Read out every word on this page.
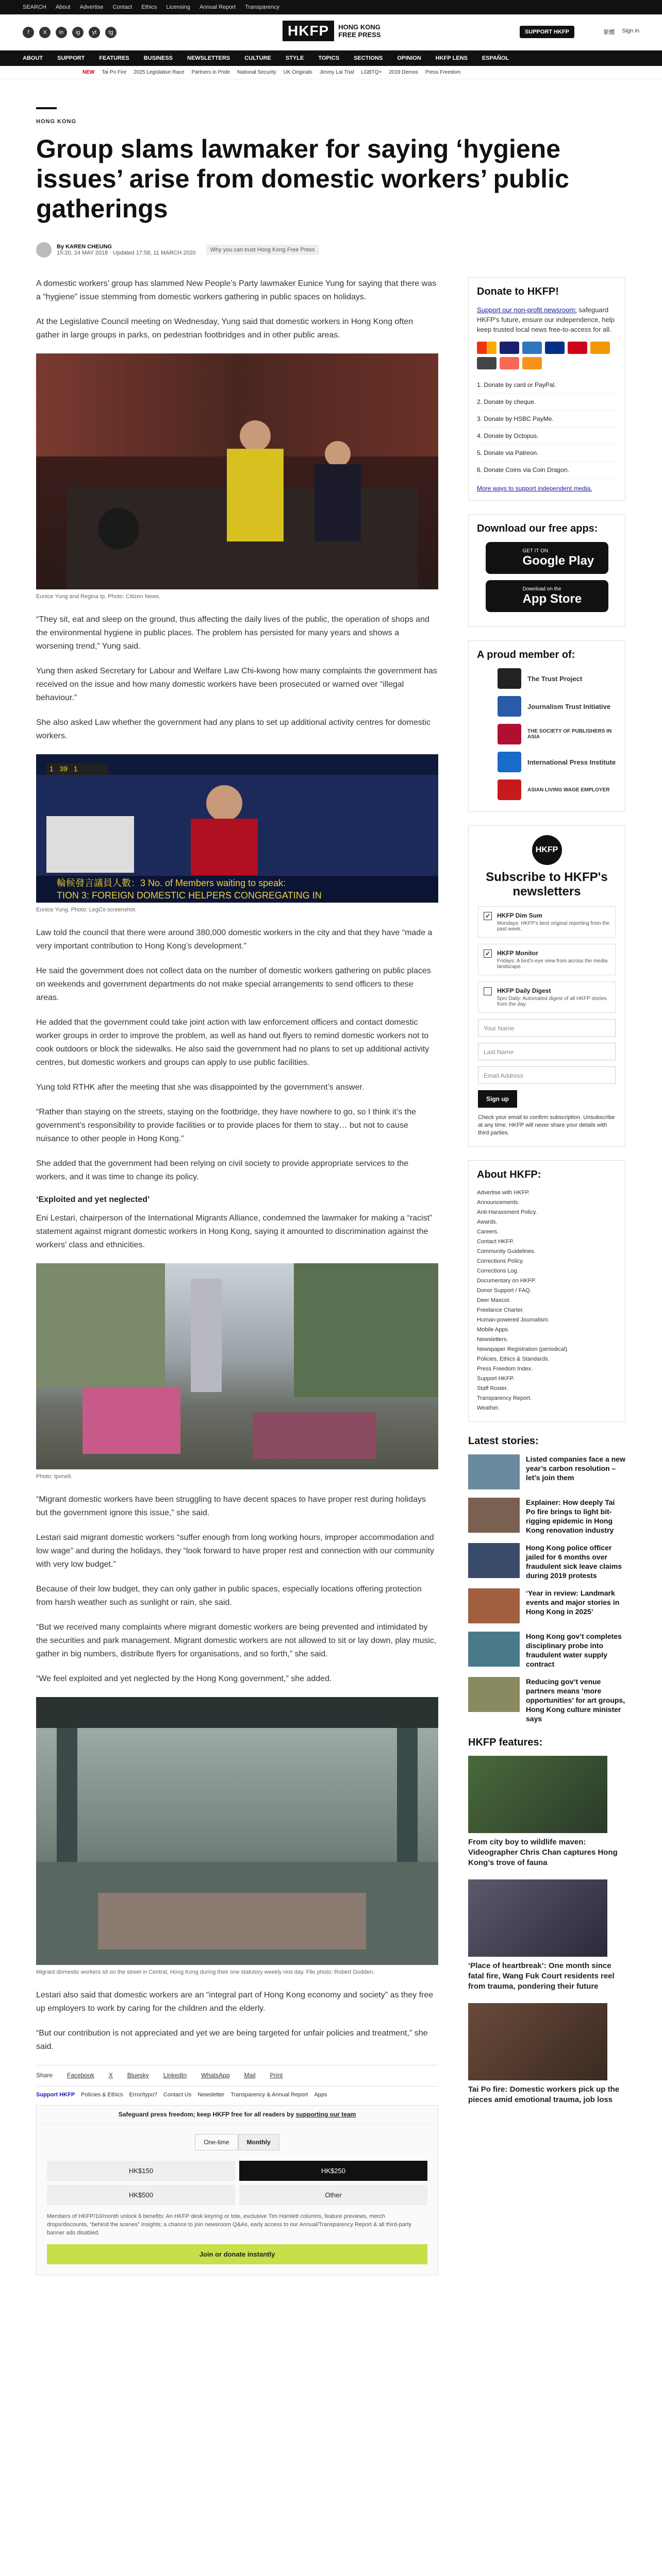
SEARCH About Advertise Contact Ethics Licensing Annual Report Transparency
f	X	in	ig	yt	tg	HKFP	HONG KONG
FREE PRESS	SUPPORT HKFP	繁體 Sign in
ABOUT	SUPPORT	FEATURES	BUSINESS	NEWSLETTERS	CULTURE	STYLE	TOPICS	SECTIONS	OPINION	HKFP LENS	ESPAÑOL
NEW Tai Po Fire 2025 Legislative Race Partners in Pride National Security UK Originals Jimmy Lai Trial LGBTQ+ 2019 Demos Press Freedom
HONG KONG
Group slams lawmaker for saying ‘hygiene issues’ arise from domestic workers’ public gatherings
By KAREN CHEUNG
15:20, 24 MAY 2018 · Updated 17:58, 11 MARCH 2020	Why you can trust Hong Kong Free Press

A domestic workers’ group has slammed New People’s Party lawmaker Eunice Yung for saying that there was a “hygiene” issue stemming from domestic workers gathering in public spaces on holidays.

At the Legislative Council meeting on Wednesday, Yung said that domestic workers in Hong Kong often gather in large groups in parks, on pedestrian footbridges and in other public areas.

Eunice Yung and Regina Ip. Photo: Citizen News.

“They sit, eat and sleep on the ground, thus affecting the daily lives of the public, the operation of shops and the environmental hygiene in public places. The problem has persisted for many years and shows a worsening trend,” Yung said.

Yung then asked Secretary for Labour and Welfare Law Chi-kwong how many complaints the government has received on the issue and how many domestic workers have been prosecuted or warned over “illegal behaviour.”

She also asked Law whether the government had any plans to set up additional activity centres for domestic workers.

1   39   1
輪候發言議員人數：3 No. of Members waiting to speak:
TION 3: FOREIGN DOMESTIC HELPERS CONGREGATING IN
Eunice Yung. Photo: LegCo screenshot.

Law told the council that there were around 380,000 domestic workers in the city and that they have “made a very important contribution to Hong Kong’s development.”

He said the government does not collect data on the number of domestic workers gathering on public places on weekends and government departments do not make special arrangements to send officers to these areas.

He added that the government could take joint action with law enforcement officers and contact domestic worker groups in order to improve the problem, as well as hand out flyers to remind domestic workers not to cook outdoors or block the sidewalks. He also said the government had no plans to set up additional activity centres, but domestic workers and groups can apply to use public facilities.

Yung told RTHK after the meeting that she was disappointed by the government’s answer.

“Rather than staying on the streets, staying on the footbridge, they have nowhere to go, so I think it’s the government’s responsibility to provide facilities or to provide places for them to stay… but not to cause nuisance to other people in Hong Kong.”

She added that the government had been relying on civil society to provide appropriate services to the workers, and it was time to change its policy.

‘Exploited and yet neglected’

Eni Lestari, chairperson of the International Migrants Alliance, condemned the lawmaker for making a “racist” statement against migrant domestic workers in Hong Kong, saying it amounted to discrimination against the workers’ class and ethnicities.

Photo: Ipvnetl.

“Migrant domestic workers have been struggling to have decent spaces to have proper rest during holidays but the government ignore this issue,” she said.

Lestari said migrant domestic workers “suffer enough from long working hours, improper accommodation and low wage” and during the holidays, they “look forward to have proper rest and connection with our community with very low budget.”

Because of their low budget, they can only gather in public spaces, especially locations offering protection from harsh weather such as sunlight or rain, she said.

“But we received many complaints where migrant domestic workers are being prevented and intimidated by the securities and park management. Migrant domestic workers are not allowed to sit or lay down, play music, gather in big numbers, distribute flyers for organisations, and so forth,” she said.

“We feel exploited and yet neglected by the Hong Kong government,” she added.

Migrant domestic workers sit on the street in Central, Hong Kong during their one statutory weekly rest day. File photo: Robert Godden.

Lestari also said that domestic workers are an “integral part of Hong Kong economy and society” as they free up employers to work by caring for the children and the elderly.

“But our contribution is not appreciated and yet we are being targeted for unfair policies and treatment,” she said.

Share Facebook X Bluesky LinkedIn WhatsApp Mail Print
Support HKFP Policies & Ethics Error/typo? Contact Us Newsletter Transparency & Annual Report Apps
Safeguard press freedom; keep HKFP free for all readers by supporting our team
One-time	Monthly
HK$150	HK$250
HK$500	Other
Members of HKFP/10/month unlock 6 benefits: An HKFP desk keyring or tote, exclusive Tim Hamlett columns, feature previews, merch drops/discounts, “behind the scenes” insights; a chance to join newsroom Q&As, early access to our Annual/Transparency Report & all third-party banner ads disabled.
Join or donate instantly
Donate to HKFP!

Support our non-profit newsroom: safeguard HKFP's future, ensure our independence, help keep trusted local news free-to-access for all.

1. Donate by card or PayPal.
2. Donate by cheque.
3. Donate by HSBC PayMe.
4. Donate by Octopus.
5. Donate via Patreon.
6. Donate Coins via Coin Dragon.
More ways to support independent media.
Download our free apps:
GET IT ON
Google Play
Download on the
App Store
A proud member of:
The Trust Project
Journalism Trust Initiative
THE SOCIETY OF PUBLISHERS IN ASIA
International Press Institute
ASIAN LIVING WAGE EMPLOYER
HKFP
Subscribe to HKFP's newsletters
✓ HKFP Dim Sum
Mondays: HKFP's best original reporting from the past week.
✓ HKFP Monitor
Fridays: A bird's-eye view from across the media landscape.
HKFP Daily Digest
5pm Daily: Automated digest of all HKFP stories from the day.
Your Name
Last Name
Email Address
Sign up

Check your email to confirm subscription. Unsubscribe at any time. HKFP will never share your details with third parties.

About HKFP:
Advertise with HKFP.
Announcements.
Anti-Harassment Policy.
Awards.
Careers.
Contact HKFP.
Community Guidelines.
Corrections Policy.
Corrections Log.
Documentary on HKFP.
Donor Support / FAQ.
Deer Mascot.
Freelance Charter.
Human-powered Journalism.
Mobile Apps.
Newsletters.
Newspaper Registration (periodical).
Policies, Ethics & Standards.
Press Freedom Index.
Support HKFP.
Staff Roster.
Transparency Report.
Weather.
Latest stories:
Listed companies face a new year’s carbon resolution – let’s join them
Explainer: How deeply Tai Po fire brings to light bit-rigging epidemic in Hong Kong renovation industry
Hong Kong police officer jailed for 6 months over fraudulent sick leave claims during 2019 protests
‘Year in review: Landmark events and major stories in Hong Kong in 2025’
Hong Kong gov’t completes disciplinary probe into fraudulent water supply contract
Reducing gov’t venue partners means ‘more opportunities’ for art groups, Hong Kong culture minister says
HKFP features:
From city boy to wildlife maven: Videographer Chris Chan captures Hong Kong’s trove of fauna
‘Place of heartbreak’: One month since fatal fire, Wang Fuk Court residents reel from trauma, pondering their future
Tai Po fire: Domestic workers pick up the pieces amid emotional trauma, job loss
